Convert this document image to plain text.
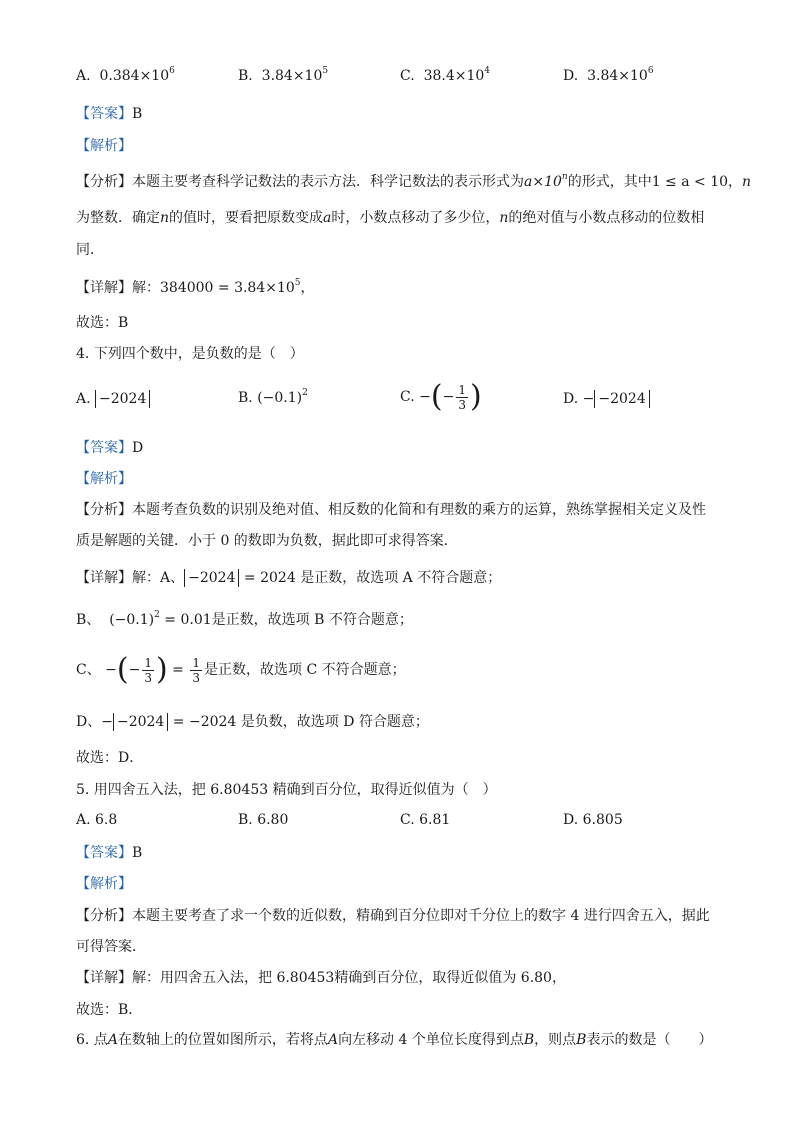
A. $0.384\times 10^6$	B. $3.84\times 10^5$	C. $38.4\times 10^4$	D. $3.84\times 10^6$
【答案】B
【解析】
【分析】本题主要考查科学记数法的表示方法．科学记数法的表示形式为$a\times 10^n$的形式，其中1 ≤ a < 10，n
为整数．确定n的值时，要看把原数变成a时，小数点移动了多少位，n的绝对值与小数点移动的位数相
同．
【详解】解：$384000 = 3.84\times 10^5$，
故选：B
4. 下列四个数中，是负数的是（　）
A. −2024	B. $(-0.1)^2$	C. −(− $\frac{1}{3}$ )	D. − −2024
【答案】D
【解析】
【分析】本题考查负数的识别及绝对值、相反数的化简和有理数的乘方的运算，熟练掌握相关定义及性
质是解题的关键．小于 0 的数即为负数，据此即可求得答案．
【详解】解：A、 −2024 = 2024 是正数，故选项 A 不符合题意；
B、 $(-0.1)^2 = 0.01$是正数，故选项 B 不符合题意；
C、 −(− $\frac{1}{3}$ ) = $\frac{1}{3}$ 是正数，故选项 C 不符合题意；
D、− −2024 = −2024 是负数，故选项 D 符合题意；
故选：D．
5. 用四舍五入法，把 6.80453 精确到百分位，取得近似值为（　）
A. 6.8	B. 6.80	C. 6.81	D. 6.805
【答案】B
【解析】
【分析】本题主要考查了求一个数的近似数，精确到百分位即对千分位上的数字 4 进行四舍五入，据此
可得答案．
【详解】解：用四舍五入法，把 6.80453精确到百分位，取得近似值为 6.80，
故选：B．
6. 点A在数轴上的位置如图所示，若将点A向左移动 4 个单位长度得到点B，则点B表示的数是（　　）
